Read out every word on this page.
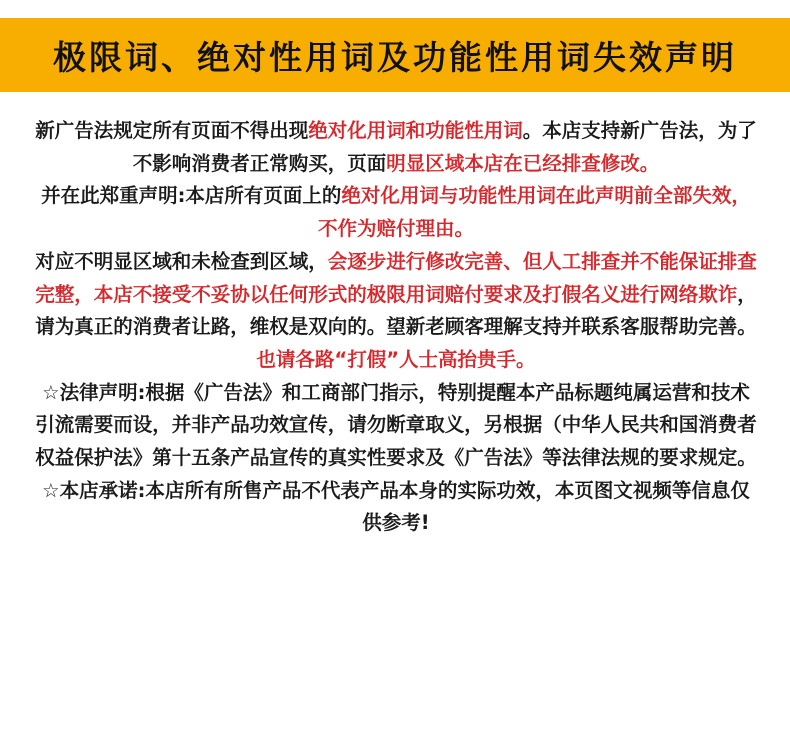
极限词、绝对性用词及功能性用词失效声明

新广告法规定所有页面不得出现绝对化用词和功能性用词。本店支持新广告法，为了不影响消费者正常购买，页面明显区域本店在已经排查修改。

并在此郑重声明:本店所有页面上的绝对化用词与功能性用词在此声明前全部失效，不作为赔付理由。

对应不明显区域和未检查到区域，会逐步进行修改完善、但人工排查并不能保证排查完整，本店不接受不妥协以任何形式的极限用词赔付要求及打假名义进行网络欺诈，请为真正的消费者让路，维权是双向的。望新老顾客理解支持并联系客服帮助完善。也请各路“打假”人士高抬贵手。

☆法律声明:根据《广告法》和工商部门指示，特别提醒本产品标题纯属运营和技术引流需要而设，并非产品功效宣传，请勿断章取义，另根据（中华人民共和国消费者权益保护法》第十五条产品宣传的真实性要求及《广告法》等法律法规的要求规定。

☆本店承诺:本店所有所售产品不代表产品本身的实际功效，本页图文视频等信息仅供参考!
